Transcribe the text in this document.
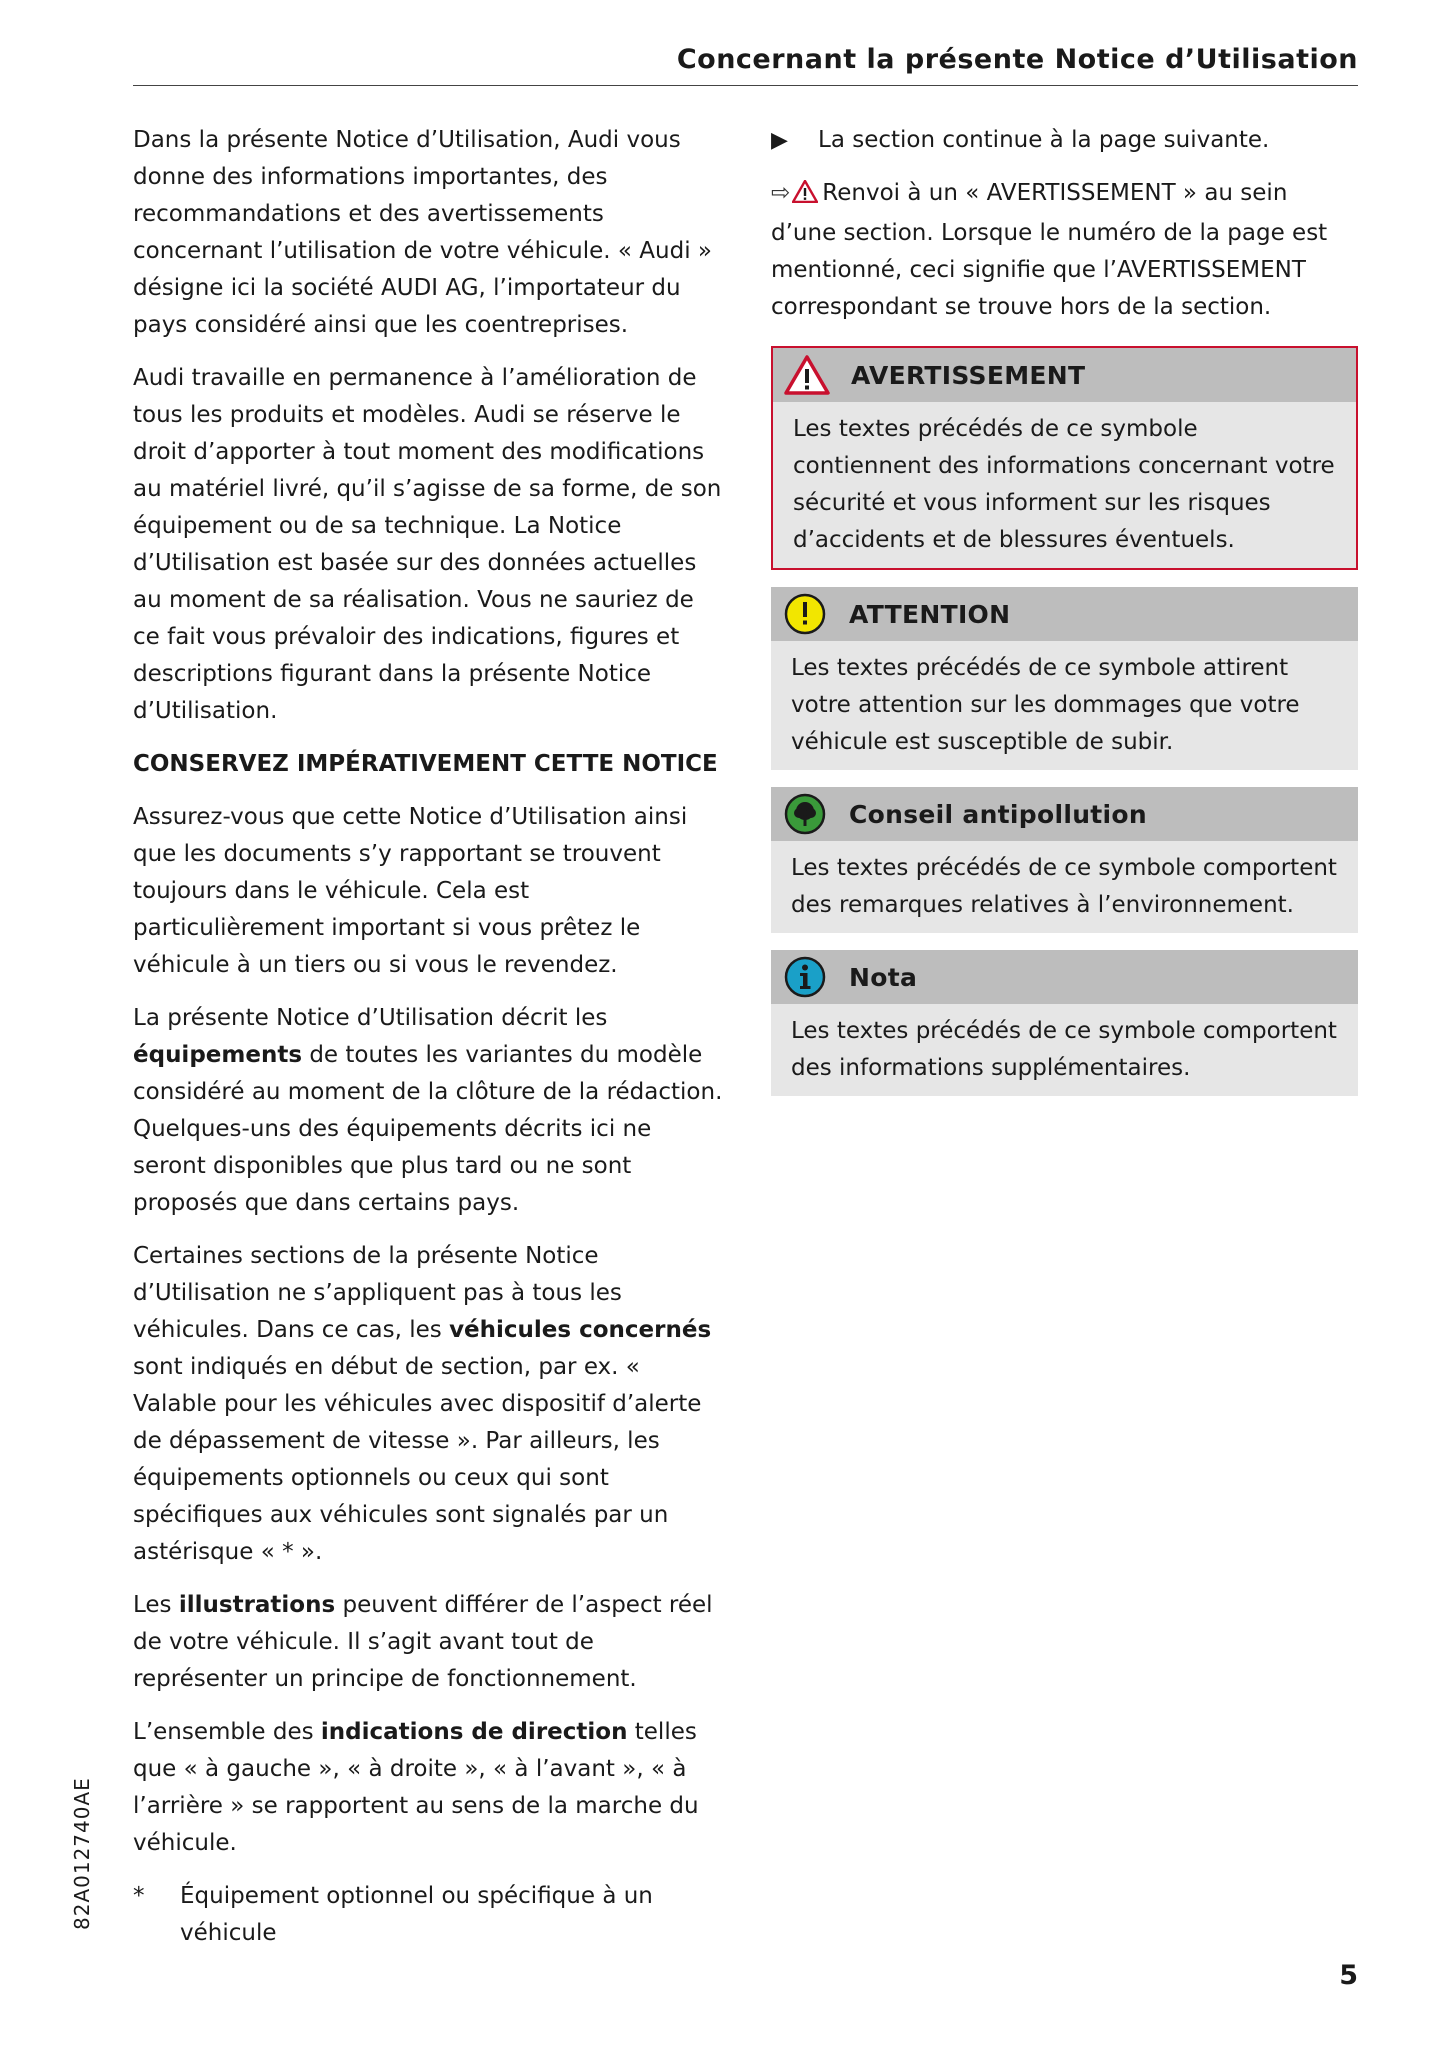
Concernant la présente Notice d’Utilisation

Dans la présente Notice d’Utilisation, Audi vous donne des informations importantes, des recommandations et des avertissements concernant l’utilisation de votre véhicule. « Audi » désigne ici la société AUDI AG, l’importateur du pays considéré ainsi que les coentreprises.

Audi travaille en permanence à l’amélioration de tous les produits et modèles. Audi se réserve le droit d’apporter à tout moment des modifications au matériel livré, qu’il s’agisse de sa forme, de son équipement ou de sa technique. La Notice d’Utilisation est basée sur des données actuelles au moment de sa réalisation. Vous ne sauriez de ce fait vous prévaloir des indications, figures et descriptions figurant dans la présente Notice d’Utilisation.

CONSERVEZ IMPÉRATIVEMENT CETTE NOTICE

Assurez-vous que cette Notice d’Utilisation ainsi que les documents s’y rapportant se trouvent toujours dans le véhicule. Cela est particulièrement important si vous prêtez le véhicule à un tiers ou si vous le revendez.

La présente Notice d’Utilisation décrit les équipements de toutes les variantes du modèle considéré au moment de la clôture de la rédaction. Quelques-uns des équipements décrits ici ne seront disponibles que plus tard ou ne sont proposés que dans certains pays.

Certaines sections de la présente Notice d’Utilisation ne s’appliquent pas à tous les véhicules. Dans ce cas, les véhicules concernés sont indiqués en début de section, par ex. « Valable pour les véhicules avec dispositif d’alerte de dépassement de vitesse ». Par ailleurs, les équipements optionnels ou ceux qui sont spécifiques aux véhicules sont signalés par un astérisque « * ».

Les illustrations peuvent différer de l’aspect réel de votre véhicule. Il s’agit avant tout de représenter un principe de fonctionnement.

L’ensemble des indications de direction telles que « à gauche », « à droite », « à l’avant », « à l’arrière » se rapportent au sens de la marche du véhicule.

*	Équipement optionnel ou spécifique à un véhicule
▶	La section continue à la page suivante.
⇨ Renvoi à un « AVERTISSEMENT » au sein d’une section. Lorsque le numéro de la page est mentionné, ceci signifie que l’AVERTISSEMENT correspondant se trouve hors de la section.
AVERTISSEMENT
Les textes précédés de ce symbole contiennent des informations concernant votre sécurité et vous informent sur les risques d’accidents et de blessures éventuels.
ATTENTION
Les textes précédés de ce symbole attirent votre attention sur les dommages que votre véhicule est susceptible de subir.
Conseil antipollution
Les textes précédés de ce symbole comportent des remarques relatives à l’environnement.
Nota
Les textes précédés de ce symbole comportent des informations supplémentaires.
82A012740AE
5
